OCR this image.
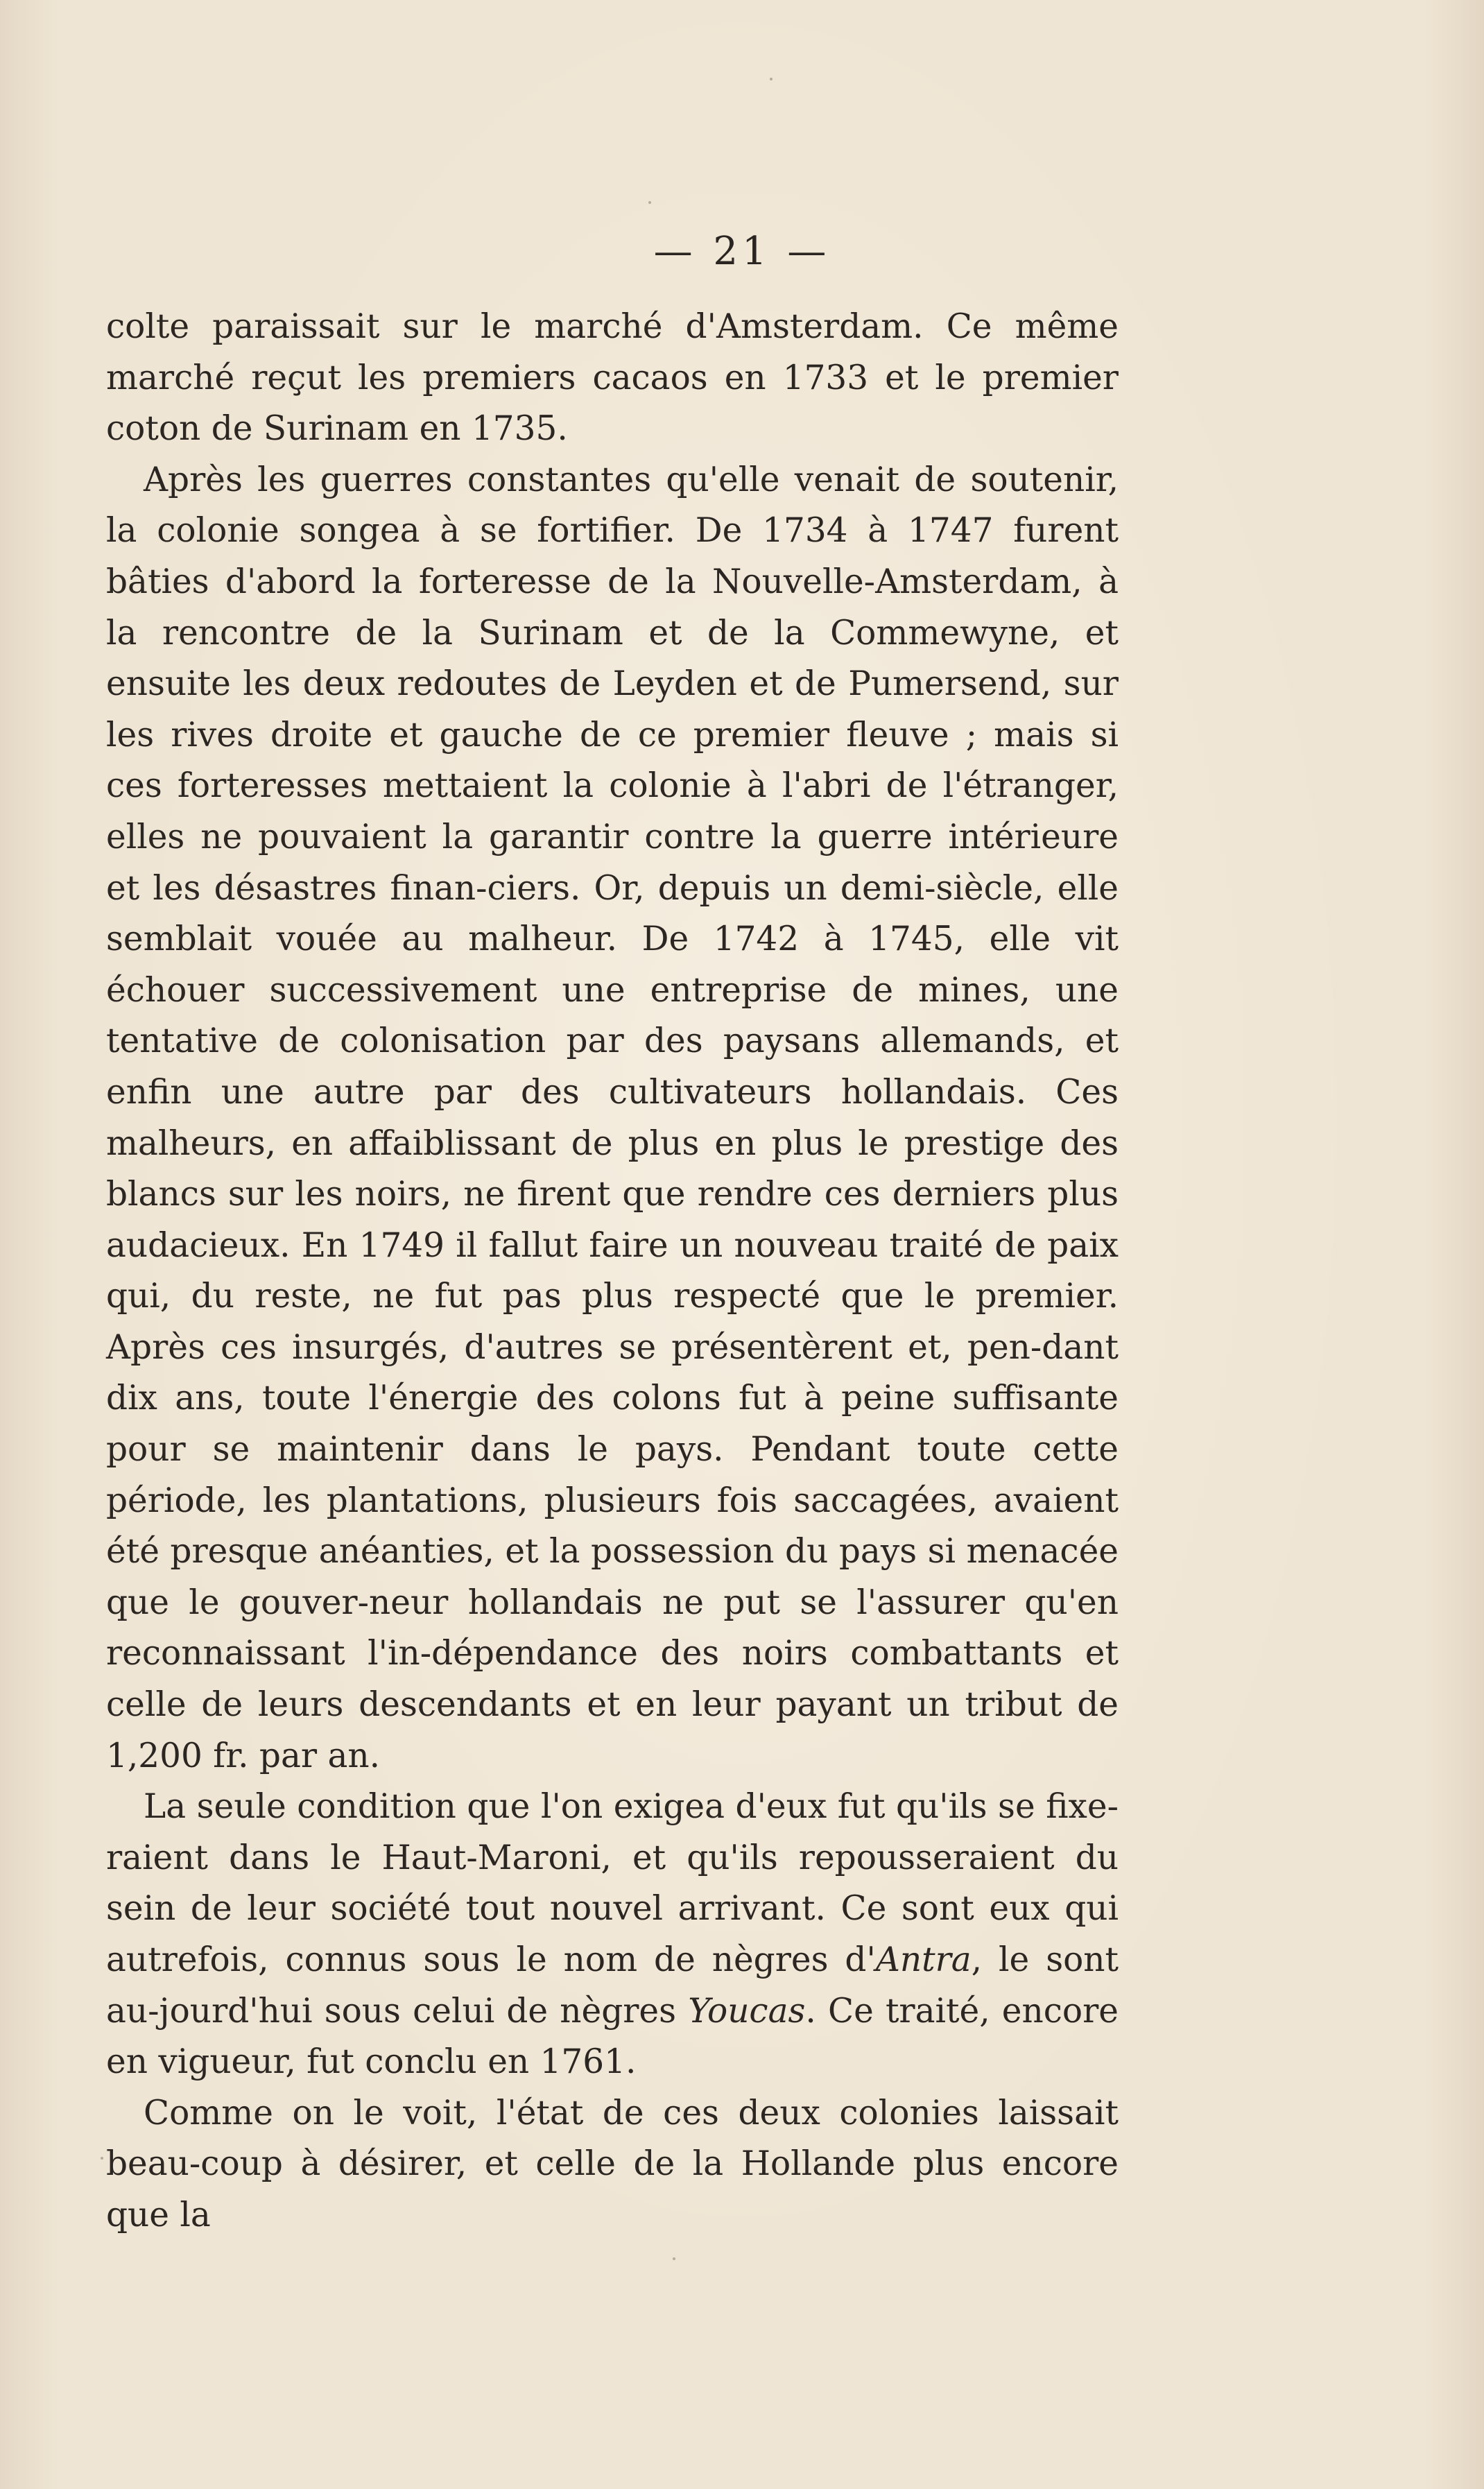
— 21 —

colte paraissait sur le marché d'Amsterdam. Ce même marché reçut les premiers cacaos en 1733 et le premier coton de Surinam en 1735.

Après les guerres constantes qu'elle venait de soutenir, la colonie songea à se fortifier. De 1734 à 1747 furent bâties d'abord la forteresse de la Nouvelle-Amsterdam, à la rencontre de la Surinam et de la Commewyne, et ensuite les deux redoutes de Leyden et de Pumersend, sur les rives droite et gauche de ce premier fleuve ; mais si ces forteresses mettaient la colonie à l'abri de l'étranger, elles ne pouvaient la garantir contre la guerre intérieure et les désastres finan-ciers. Or, depuis un demi-siècle, elle semblait vouée au malheur. De 1742 à 1745, elle vit échouer successivement une entreprise de mines, une tentative de colonisation par des paysans allemands, et enfin une autre par des cultivateurs hollandais. Ces malheurs, en affaiblissant de plus en plus le prestige des blancs sur les noirs, ne firent que rendre ces derniers plus audacieux. En 1749 il fallut faire un nouveau traité de paix qui, du reste, ne fut pas plus respecté que le premier. Après ces insurgés, d'autres se présentèrent et, pen-dant dix ans, toute l'énergie des colons fut à peine suffisante pour se maintenir dans le pays. Pendant toute cette période, les plantations, plusieurs fois saccagées, avaient été presque anéanties, et la possession du pays si menacée que le gouver-neur hollandais ne put se l'assurer qu'en reconnaissant l'in-dépendance des noirs combattants et celle de leurs descendants et en leur payant un tribut de 1,200 fr. par an.

La seule condition que l'on exigea d'eux fut qu'ils se fixe-raient dans le Haut-Maroni, et qu'ils repousseraient du sein de leur société tout nouvel arrivant. Ce sont eux qui autrefois, connus sous le nom de nègres d'Antra, le sont au-jourd'hui sous celui de nègres Youcas. Ce traité, encore en vigueur, fut conclu en 1761.

Comme on le voit, l'état de ces deux colonies laissait beau-coup à désirer, et celle de la Hollande plus encore que la
